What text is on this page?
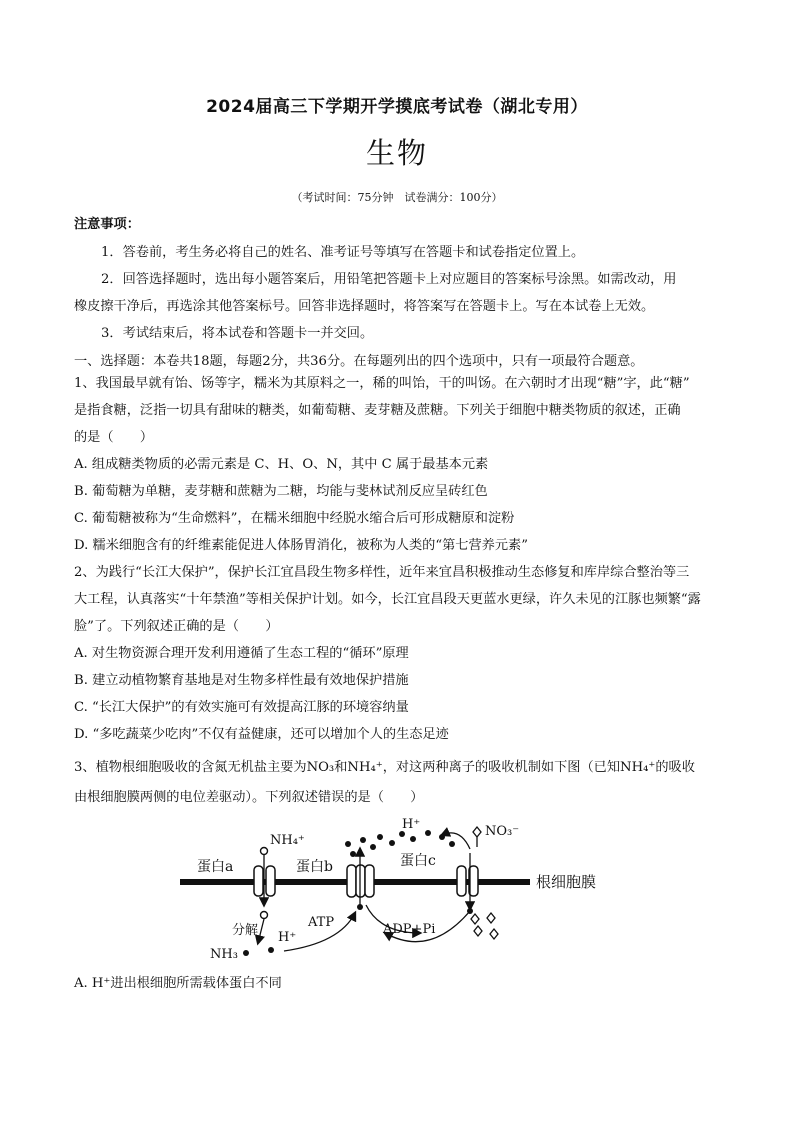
2024届高三下学期开学摸底考试卷（湖北专用）
生物
（考试时间：75分钟　试卷满分：100分）
注意事项：
1．答卷前，考生务必将自己的姓名、准考证号等填写在答题卡和试卷指定位置上。
2．回答选择题时，选出每小题答案后，用铅笔把答题卡上对应题目的答案标号涂黑。如需改动，用
橡皮擦干净后，再选涂其他答案标号。回答非选择题时，将答案写在答题卡上。写在本试卷上无效。
3．考试结束后，将本试卷和答题卡一并交回。
一、选择题：本卷共18题，每题2分，共36分。在每题列出的四个选项中，只有一项最符合题意。
1、我国最早就有饴、饧等字，糯米为其原料之一，稀的叫饴，干的叫饧。在六朝时才出现“糖”字，此“糖”
是指食糖，泛指一切具有甜味的糖类，如葡萄糖、麦芽糖及蔗糖。下列关于细胞中糖类物质的叙述，正确
的是（　　）
A. 组成糖类物质的必需元素是 C、H、O、N，其中 C 属于最基本元素
B. 葡萄糖为单糖，麦芽糖和蔗糖为二糖，均能与斐林试剂反应呈砖红色
C. 葡萄糖被称为“生命燃料”，在糯米细胞中经脱水缩合后可形成糖原和淀粉
D. 糯米细胞含有的纤维素能促进人体肠胃消化，被称为人类的“第七营养元素”
2、为践行“长江大保护”，保护长江宜昌段生物多样性，近年来宜昌积极推动生态修复和库岸综合整治等三
大工程，认真落实“十年禁渔”等相关保护计划。如今，长江宜昌段天更蓝水更绿，许久未见的江豚也频繁“露
脸”了。下列叙述正确的是（　　）
A. 对生物资源合理开发利用遵循了生态工程的“循环”原理
B. 建立动植物繁育基地是对生物多样性最有效地保护措施
C. “长江大保护”的有效实施可有效提高江豚的环境容纳量
D. “多吃蔬菜少吃肉”不仅有益健康，还可以增加个人的生态足迹
3、植物根细胞吸收的含氮无机盐主要为NO₃和NH₄⁺，对这两种离子的吸收机制如下图（已知NH₄⁺的吸收
由根细胞膜两侧的电位差驱动）。下列叙述错误的是（　　）
根细胞膜
蛋白a
NH₄⁺
分解
NH₃
H⁺
蛋白b
H⁺
ATP	ADP+Pi
蛋白c
NO₃⁻
A. H⁺进出根细胞所需载体蛋白不同
